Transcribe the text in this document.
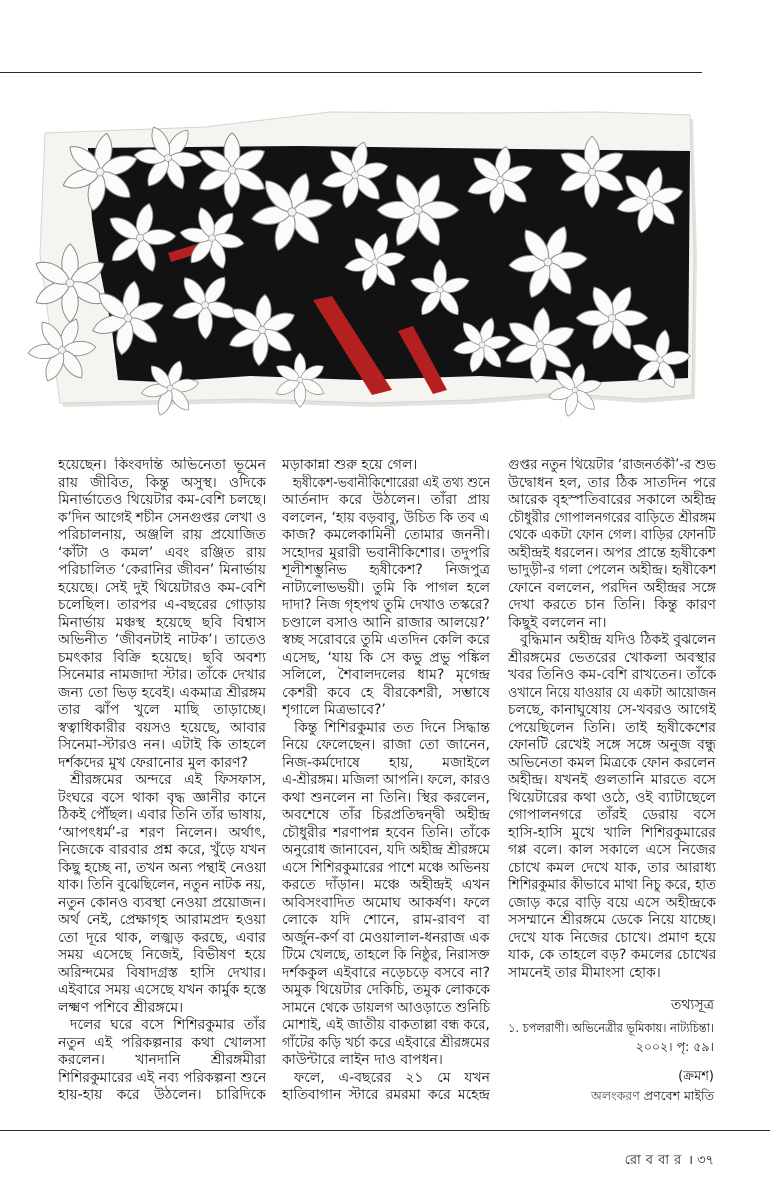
হয়েছেন। কিংবদন্তি অভিনেতা ভূমেন
রায় জীবিত, কিন্তু অসুস্থ। ওদিকে
মিনার্ভাতেও থিয়েটার কম-বেশি চলছে।
ক’দিন আগেই শচীন সেনগুপ্তর লেখা ও
পরিচালনায়, অঞ্জলি রায় প্রযোজিত
‘কাঁটা ও কমল’ এবং রঞ্জিত রায়
পরিচালিত ‘কেরানির জীবন’ মিনার্ভায়
হয়েছে। সেই দুই থিয়েটারও কম-বেশি
চলেছিল। তারপর এ-বছরের গোড়ায়
মিনার্ভায় মঞ্চস্থ হয়েছে ছবি বিশ্বাস
অভিনীত ‘জীবনটাই নাটক’। তাতেও
চমৎকার বিক্রি হয়েছে। ছবি অবশ্য
সিনেমার নামজাদা স্টার। তাঁকে দেখার
জন্য তো ভিড় হবেই। একমাত্র শ্রীরঙ্গম
তার ঝাঁপ খুলে মাছি তাড়াচ্ছে।
স্বত্বাধিকারীর বয়সও হয়েছে, আবার
সিনেমা-স্টারও নন। এটাই কি তাহলে
দর্শকদের মুখ ফেরানোর মুল কারণ?
শ্রীরঙ্গমের অন্দরে এই ফিসফাস,
টংঘরে বসে থাকা বৃদ্ধ জ্ঞানীর কানে
ঠিকই পৌঁছল। এবার তিনি তাঁর ভাষায়,
‘আপৎধর্ম’-র শরণ নিলেন। অর্থাৎ,
নিজেকে বারবার প্রশ্ন করে, খুঁড়ে যখন
কিছু হচ্ছে না, তখন অন্য পন্থাই নেওয়া
যাক। তিনি বুঝেছিলেন, নতুন নাটক নয়,
নতুন কোনও ব্যবস্থা নেওয়া প্রয়োজন।
অর্থ নেই, প্রেক্ষাগৃহ আরামপ্রদ হওয়া
তো দূরে থাক, লজ্ঝড় করছে, এবার
সময় এসেছে নিজেই, বিভীষণ হয়ে
অরিন্দমের বিষাদগ্রস্ত হাসি দেখার।
এইবারে সময় এসেছে যখন কার্মুক হস্তে
লক্ষ্মণ পশিবে শ্রীরঙ্গমে।
দলের ঘরে বসে শিশিরকুমার তাঁর
নতুন এই পরিকল্পনার কথা খোলসা
করলেন। খানদানি শ্রীরঙ্গমীরা
শিশিরকুমারের এই নব্য পরিকল্পনা শুনে
হায়-হায় করে উঠলেন। চারিদিকে
মড়াকান্না শুরু হয়ে গেল।
হৃষীকেশ-ভবানীকিশোরেরা এই তথ্য শুনে
আর্তনাদ করে উঠলেন। তাঁরা প্রায়
বললেন, ‘হায় বড়বাবু, উচিত কি তব এ
কাজ? কমলেকামিনী তোমার জননী।
সহোদর মুরারী ভবানীকিশোর। তদুপরি
শূলীশম্ভুনিভ হৃষীকেশ? নিজপুত্র
নাট্যলোভভয়ী। তুমি কি পাগল হলে
দাদা? নিজ গৃহপথ তুমি দেখাও তস্করে?
চণ্ডালে বসাও আনি রাজার আলয়ে?’
স্বচ্ছ সরোবরে তুমি এতদিন কেলি করে
এসেছ, ‘যায় কি সে কভু প্রভু পঙ্কিল
সলিলে, শৈবালদলের ধাম? মৃগেন্দ্র
কেশরী কবে হে বীরকেশরী, সম্ভাষে
শৃগালে মিত্রভাবে?’
কিন্তু শিশিরকুমার তত দিনে সিদ্ধান্ত
নিয়ে ফেলেছেন। রাজা তো জানেন,
নিজ-কর্মদোষে হায়, মজাইলে
এ-শ্রীরঙ্গম। মজিলা আপনি। ফলে, কারও
কথা শুনলেন না তিনি। স্থির করলেন,
অবশেষে তাঁর চিরপ্রতিদ্বন্দ্বী অহীন্দ্র
চৌধুরীর শরণাপন্ন হবেন তিনি। তাঁকে
অনুরোধ জানাবেন, যদি অহীন্দ্র শ্রীরঙ্গমে
এসে শিশিরকুমারের পাশে মঞ্চে অভিনয়
করতে দাঁড়ান। মঞ্চে অহীন্দ্রই এখন
অবিসংবাদিত অমোঘ আকর্ষণ। ফলে
লোকে যদি শোনে, রাম-রাবণ বা
অর্জুন-কর্ণ বা মেওয়ালাল-ধনরাজ এক
টিমে খেলছে, তাহলে কি নিষ্ঠুর, নিরাসক্ত
দর্শককুল এইবারে নড়েচড়ে বসবে না?
অমুক থিয়েটার দেকিচি, তমুক লোককে
সামনে থেকে ডায়লগ আওড়াতে শুনিচি
মোশাই, এই জাতীয় বাকতাল্লা বন্ধ করে,
গাঁটের কড়ি খর্চা করে এইবারে শ্রীরঙ্গমের
কাউন্টারে লাইন দাও বাপধন।
ফলে, এ-বছরের ২১ মে যখন
হাতিবাগান স্টারে রমরমা করে মহেন্দ্র
গুপ্তর নতুন থিয়েটার ‘রাজনর্তকী’-র শুভ
উদ্বোধন হল, তার ঠিক সাতদিন পরে
আরেক বৃহস্পতিবারের সকালে অহীন্দ্র
চৌধুরীর গোপালনগরের বাড়িতে শ্রীরঙ্গম
থেকে একটা ফোন গেল। বাড়ির ফোনটি
অহীন্দ্রই ধরলেন। অপর প্রান্তে হৃষীকেশ
ভাদুড়ী-র গলা পেলেন অহীন্দ্র। হৃষীকেশ
ফোনে বললেন, পরদিন অহীন্দ্রর সঙ্গে
দেখা করতে চান তিনি। কিন্তু কারণ
কিছুই বললেন না।
বুদ্ধিমান অহীন্দ্র যদিও ঠিকই বুঝলেন
শ্রীরঙ্গমের ভেতরের খোকলা অবস্থার
খবর তিনিও কম-বেশি রাখতেন। তাঁকে
ওখানে নিয়ে যাওয়ার যে একটা আয়োজন
চলছে, কানাঘুষোয় সে-খবরও আগেই
পেয়েছিলেন তিনি। তাই হৃষীকেশের
ফোনটি রেখেই সঙ্গে সঙ্গে অনুজ বন্ধু
অভিনেতা কমল মিত্রকে ফোন করলেন
অহীন্দ্র। যখনই গুলতানি মারতে বসে
থিয়েটারের কথা ওঠে, ওই ব্যাটাছেলে
গোপালনগরে তাঁরই ডেরায় বসে
হাসি-হাসি মুখে খালি শিশিরকুমারের
গপ্প বলে। কাল সকালে এসে নিজের
চোখে কমল দেখে যাক, তার আরাধ্য
শিশিরকুমার কীভাবে মাথা নিচু করে, হাত
জোড় করে বাড়ি বয়ে এসে অহীন্দ্রকে
সসম্মানে শ্রীরঙ্গমে ডেকে নিয়ে যাচ্ছে।
দেখে যাক নিজের চোখে। প্রমাণ হয়ে
যাক, কে তাহলে বড়? কমলের চোখের
সামনেই তার মীমাংসা হোক।
তথ্যসূত্র
১. চপলরাণী। অভিনেত্রীর ভূমিকায়। নাট্যচিন্তা।
২০০২। পৃ: ৫৯।
(ক্রমশ)
অলংকরণ প্রণবেশ মাইতি
রোববার । ৩৭
